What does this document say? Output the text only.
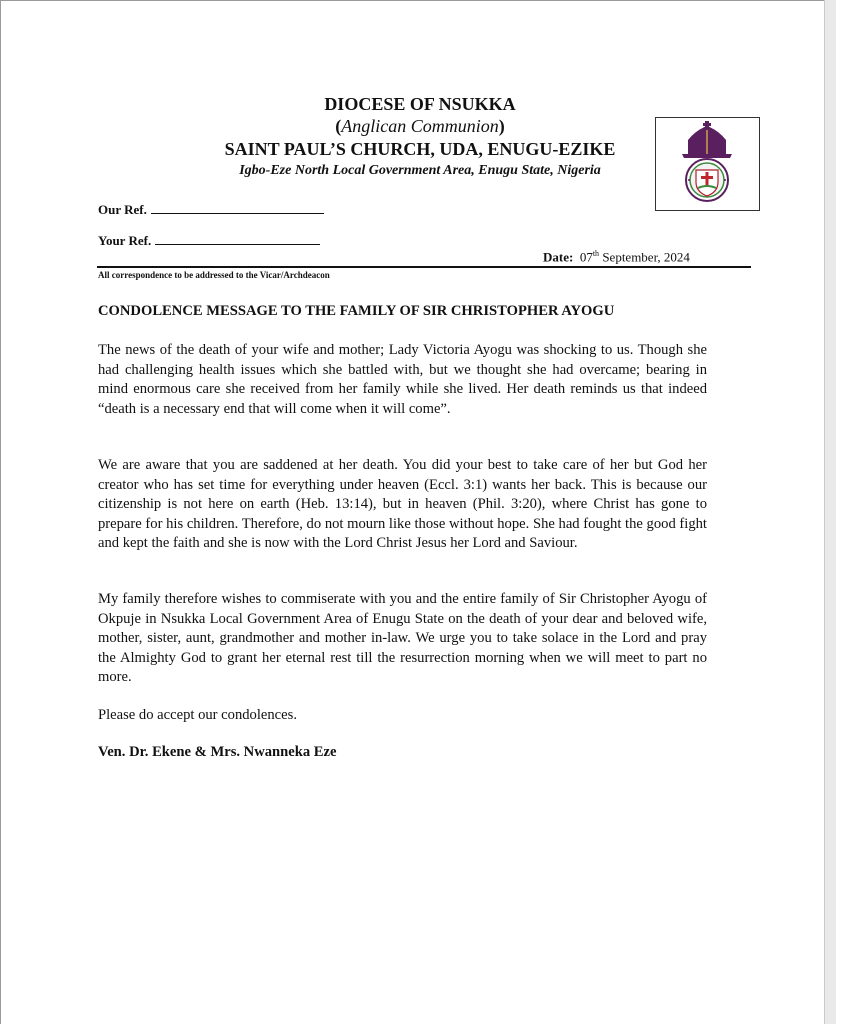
DIOCESE OF NSUKKA
(Anglican Communion)
SAINT PAUL’S CHURCH, UDA, ENUGU-EZIKE
Igbo-Eze North Local Government Area, Enugu State, Nigeria
Our Ref.
Your Ref.
Date: 07th September, 2024
All correspondence to be addressed to the Vicar/Archdeacon
CONDOLENCE MESSAGE TO THE FAMILY OF SIR CHRISTOPHER AYOGU
The news of the death of your wife and mother; Lady Victoria Ayogu was shocking to us. Though she had challenging health issues which she battled with, but we thought she had overcame; bearing in mind enormous care she received from her family while she lived. Her death reminds us that indeed “death is a necessary end that will come when it will come”.
We are aware that you are saddened at her death. You did your best to take care of her but God her creator who has set time for everything under heaven (Eccl. 3:1) wants her back. This is because our citizenship is not here on earth (Heb. 13:14), but in heaven (Phil. 3:20), where Christ has gone to prepare for his children. Therefore, do not mourn like those without hope. She had fought the good fight and kept the faith and she is now with the Lord Christ Jesus her Lord and Saviour.
My family therefore wishes to commiserate with you and the entire family of Sir Christopher Ayogu of Okpuje in Nsukka Local Government Area of Enugu State on the death of your dear and beloved wife, mother, sister, aunt, grandmother and mother in-law. We urge you to take solace in the Lord and pray the Almighty God to grant her eternal rest till the resurrection morning when we will meet to part no more.
Please do accept our condolences.
Ven. Dr. Ekene & Mrs. Nwanneka Eze
